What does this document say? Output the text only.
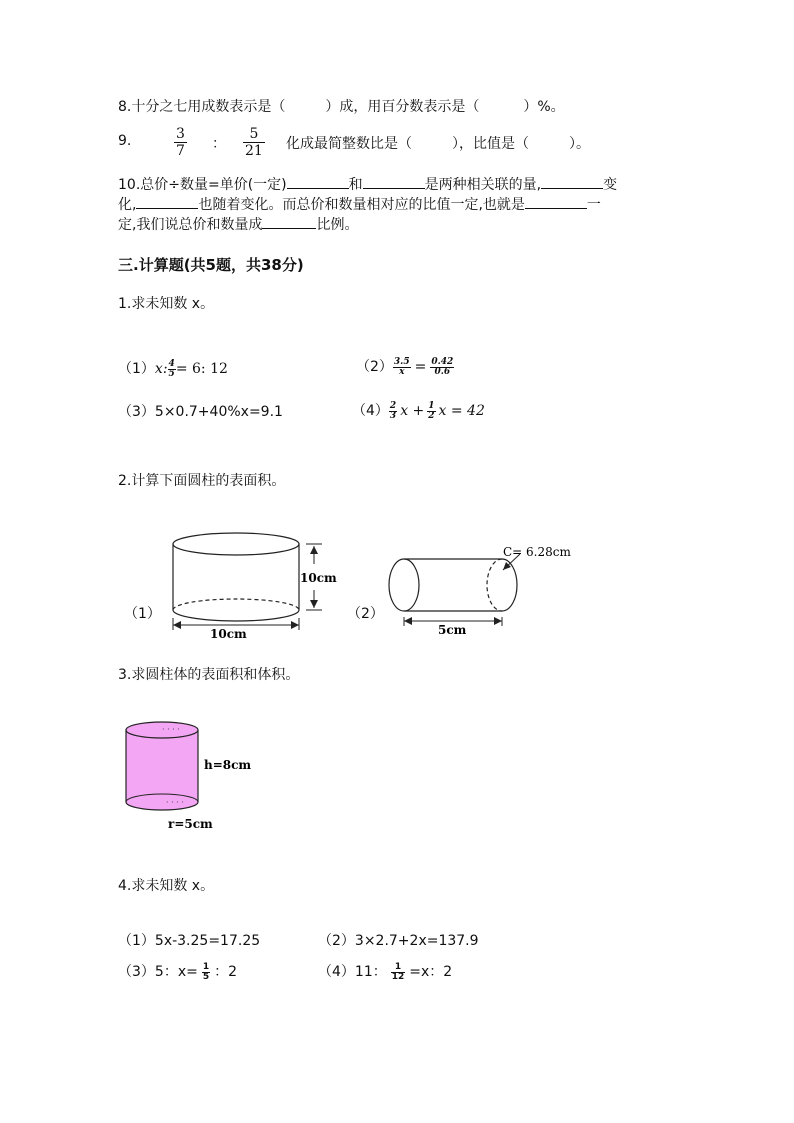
8.十分之七用成数表示是（	）成，用百分数表示是（	）%。
9.	$\frac{3}{7}$ ： $\frac{5}{21}$ 化成最简整数比是（	），比值是（	）。
10.总价÷数量=单价(一定)	和	是两种相关联的量,	变
化,	也随着变化。而总价和数量相对应的比值一定,也就是	一
定,我们说总价和数量成	比例。
三.计算题(共5题，共38分)
1.求未知数 x。
（1）x: $\frac{4}{5} = 6$: 12	$(2) \frac{3.5}{x} = \frac{0.42}{0.6}$
（3）5×0.7+40%x=9.1	$(4) \frac{2}{3}$ $x + \frac{1}{2}$ x = 42
2.计算下面圆柱的表面积。
（1）
10cm
10cm
（2）
C= 6.28cm
5cm
3.求圆柱体的表面积和体积。
· · · ·
· · · ·
h=8cm
r=5cm
4.求未知数 x。
（1）5x-3.25=17.25	（2）3×2.7+2x=137.9
（3）5：$x= \frac{1}{5}$ ：2	（4）11： $\frac{1}{12} =x$：2
